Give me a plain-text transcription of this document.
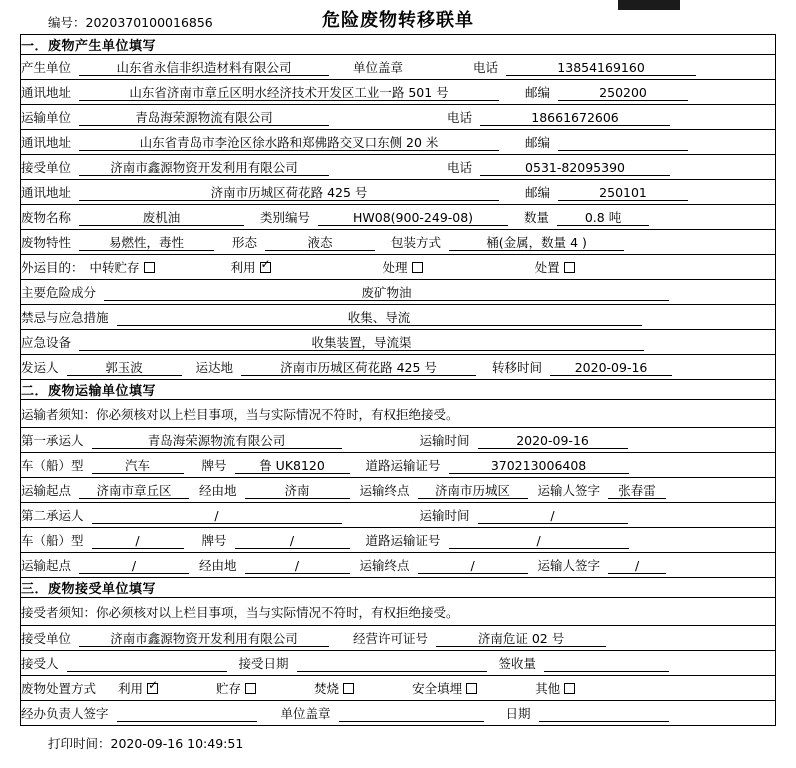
编号：2020370100016856	危险废物转移联单
一．废物产生单位填写

产生单位	山东省永信非织造材料有限公司	单位盖章	电话	13854169160

通讯地址	山东省济南市章丘区明水经济技术开发区工业一路 501 号	邮编	250200

运输单位	青岛海荣源物流有限公司	电话	18661672606

通讯地址	山东省青岛市李沧区徐水路和郑佛路交叉口东侧 20 米	邮编

接受单位	济南市鑫源物资开发利用有限公司	电话	0531-82095390

通讯地址	济南市历城区荷花路 425 号	邮编	250101

废物名称	废机油	类别编号	HW08(900-249-08)	数量	0.8 吨

废物特性	易燃性，毒性	形态	液态	包装方式	桶(金属，数量 4 )

外运目的： 中转贮存	利用 ✓	处理	处置

主要危险成分	废矿物油

禁忌与应急措施	收集、导流

应急设备	收集装置，导流渠

发运人	郭玉波	运达地	济南市历城区荷花路 425 号	转移时间	2020-09-16

二．废物运输单位填写
运输者须知：你必须核对以上栏目事项，当与实际情况不符时，有权拒绝接受。

第一承运人	青岛海荣源物流有限公司	运输时间	2020-09-16

车（船）型	汽车	牌号	鲁 UK8120	道路运输证号	370213006408

运输起点	济南市章丘区	经由地	济南	运输终点	济南市历城区	运输人签字	张春雷

第二承运人	/	运输时间	/

车（船）型	/	牌号	/	道路运输证号	/

运输起点	/	经由地	/	运输终点	/	运输人签字	/

三．废物接受单位填写
接受者须知：你必须核对以上栏目事项，当与实际情况不符时，有权拒绝接受。

接受单位	济南市鑫源物资开发利用有限公司	经营许可证号	济南危证 02 号

接受人	接受日期	签收量

废物处置方式 利用 ✓	贮存	焚烧	安全填埋	其他

经办负责人签字	单位盖章	日期
打印时间：2020-09-16 10:49:51
